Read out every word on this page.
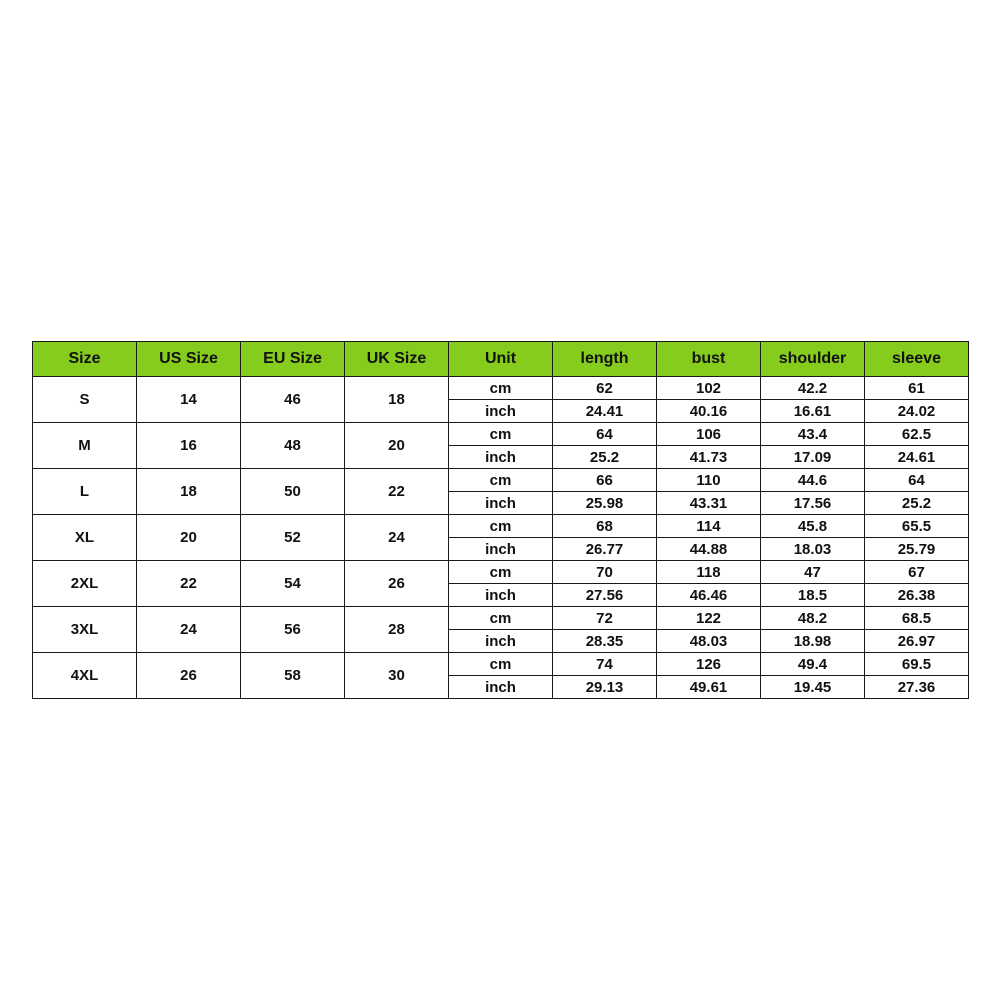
Size	US Size	EU Size	UK Size	Unit	length	bust	shoulder	sleeve
S	14	46	18	cm	62	102	42.2	61
				inch	24.41	40.16	16.61	24.02
M	16	48	20	cm	64	106	43.4	62.5
				inch	25.2	41.73	17.09	24.61
L	18	50	22	cm	66	110	44.6	64
				inch	25.98	43.31	17.56	25.2
XL	20	52	24	cm	68	114	45.8	65.5
				inch	26.77	44.88	18.03	25.79
2XL	22	54	26	cm	70	118	47	67
				inch	27.56	46.46	18.5	26.38
3XL	24	56	28	cm	72	122	48.2	68.5
				inch	28.35	48.03	18.98	26.97
4XL	26	58	30	cm	74	126	49.4	69.5
				inch	29.13	49.61	19.45	27.36
